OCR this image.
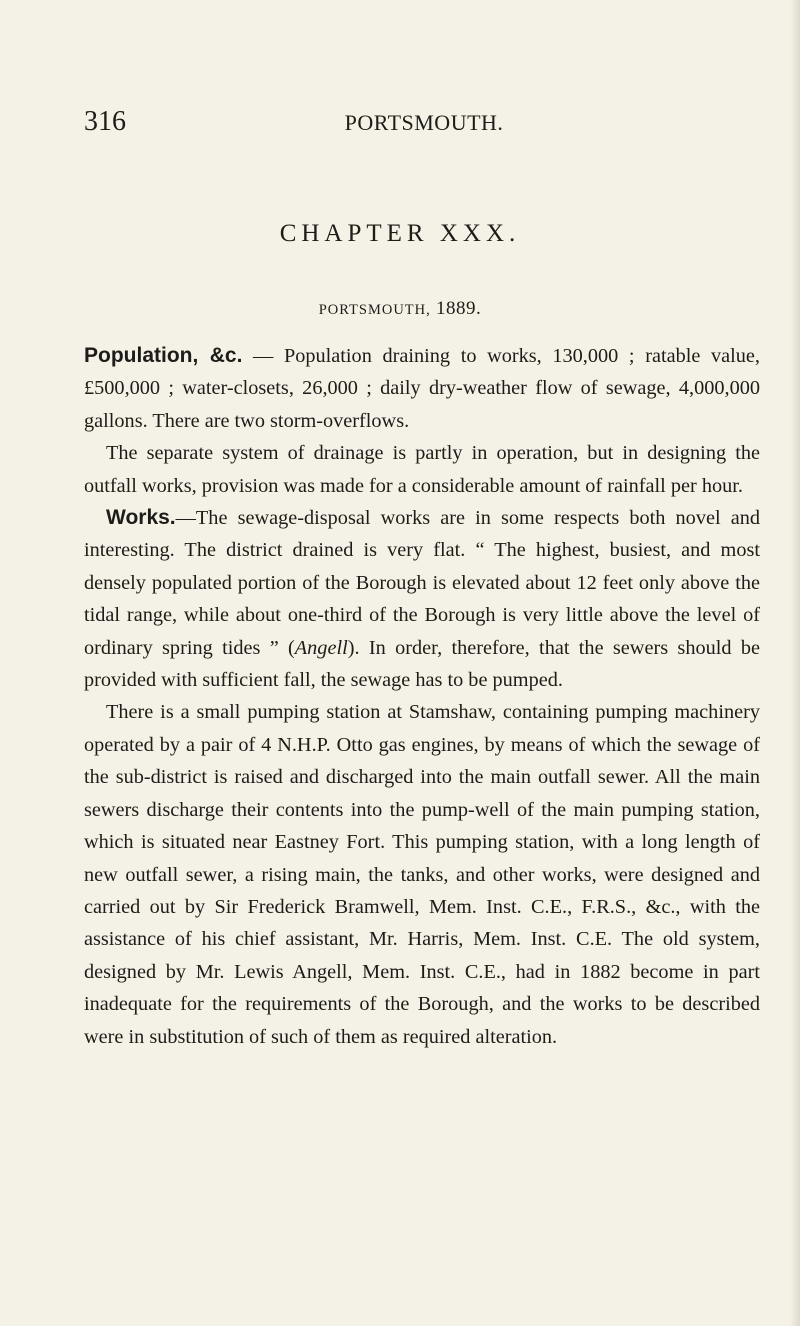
316	PORTSMOUTH.
CHAPTER XXX.
PORTSMOUTH, 1889.

Population, &c. — Population draining to works, 130,000 ; ratable value, £500,000 ; water-closets, 26,000 ; daily dry-weather flow of sewage, 4,000,000 gallons. There are two storm-overflows.

The separate system of drainage is partly in operation, but in designing the outfall works, provision was made for a considerable amount of rainfall per hour.

Works.—The sewage-disposal works are in some respects both novel and interesting. The district drained is very flat. “ The highest, busiest, and most densely populated portion of the Borough is elevated about 12 feet only above the tidal range, while about one-third of the Borough is very little above the level of ordinary spring tides ” (Angell). In order, therefore, that the sewers should be provided with sufficient fall, the sewage has to be pumped.

There is a small pumping station at Stamshaw, containing pumping machinery operated by a pair of 4 N.H.P. Otto gas engines, by means of which the sewage of the sub-district is raised and discharged into the main outfall sewer. All the main sewers discharge their contents into the pump-well of the main pumping station, which is situated near Eastney Fort. This pumping station, with a long length of new outfall sewer, a rising main, the tanks, and other works, were designed and carried out by Sir Frederick Bramwell, Mem. Inst. C.E., F.R.S., &c., with the assistance of his chief assistant, Mr. Harris, Mem. Inst. C.E. The old system, designed by Mr. Lewis Angell, Mem. Inst. C.E., had in 1882 become in part inadequate for the requirements of the Borough, and the works to be described were in substitution of such of them as required alteration.
